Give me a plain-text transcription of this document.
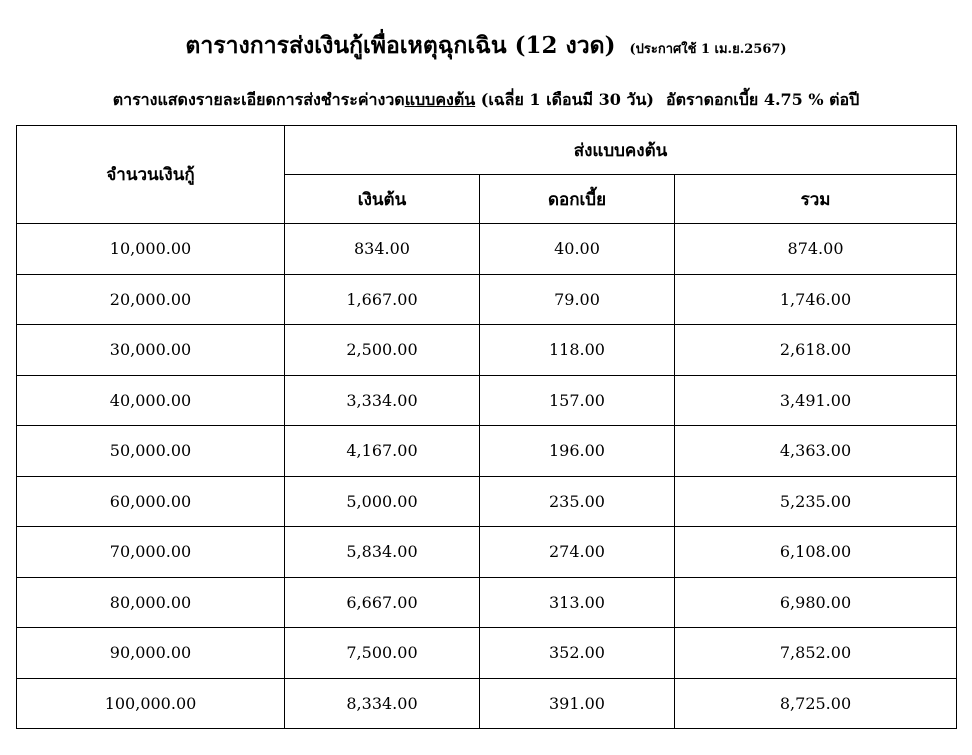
ตารางการส่งเงินกู้เพื่อเหตุฉุกเฉิน (12 งวด) (ประกาศใช้ 1 เม.ย.2567)
ตารางแสดงรายละเอียดการส่งชำระค่างวดแบบคงต้น (เฉลี่ย 1 เดือนมี 30 วัน) อัตราดอกเบี้ย 4.75 % ต่อปี
จำนวนเงินกู้	ส่งแบบคงต้น		
	เงินต้น	ดอกเบี้ย	รวม
10,000.00	834.00	40.00	874.00
20,000.00	1,667.00	79.00	1,746.00
30,000.00	2,500.00	118.00	2,618.00
40,000.00	3,334.00	157.00	3,491.00
50,000.00	4,167.00	196.00	4,363.00
60,000.00	5,000.00	235.00	5,235.00
70,000.00	5,834.00	274.00	6,108.00
80,000.00	6,667.00	313.00	6,980.00
90,000.00	7,500.00	352.00	7,852.00
100,000.00	8,334.00	391.00	8,725.00
